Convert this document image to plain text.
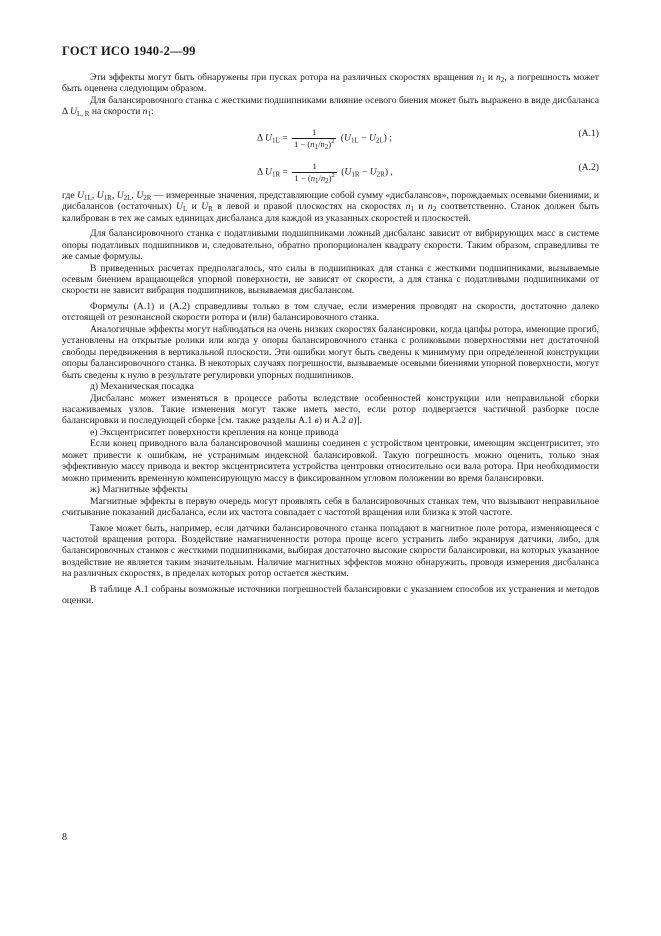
ГОСТ ИСО 1940-2—99

Эти эффекты могут быть обнаружены при пусках ротора на различных скоростях вращения $n_1$ и $n_2$, а погрешность может быть оценена следующим образом.

Для балансировочного станка с жесткими подшипниками влияние осевого биения может быть выражено в виде дисбаланса Δ $U_{L, R}$ на скорости $n_1$:

Δ $U_{1L} = \frac{1}{1 - (n_1/n_2)^2} (U_{1L} - U_{2L})$ ;	(А.1)
Δ $U_{1R} = \frac{1}{1 - (n_1/n_2)^2} (U_{1R} - U_{2R})$ ,	(А.2)

где $U_{1L}$, $U_{1R}$, $U_{2L}$, $U_{2R}$ — измеренные значения, представляющие собой сумму «дисбалансов», порождаемых осевыми биениями, и дисбалансов (остаточных) $U_L$ и $U_R$ в левой и правой плоскостях на скоростях $n_1$ и $n_2$ соответственно. Станок должен быть калиброван в тех же самых единицах дисбаланса для каждой из указанных скоростей и плоскостей.

Для балансировочного станка с податливыми подшипниками ложный дисбаланс зависит от вибрирующих масс в системе опоры податливых подшипников и, следовательно, обратно пропорционален квадрату скорости. Таким образом, справедливы те же самые формулы.

В приведенных расчетах предполагалось, что силы в подшипниках для станка с жесткими подшипниками, вызываемые осевым биением вращающейся упорной поверхности, не зависят от скорости, а для станка с податливыми подшипниками от скорости не зависит вибрация подшипников, вызываемая дисбалансом.

Формулы (А.1) и (А.2) справедливы только в том случае, если измерения проводят на скорости, достаточно далеко отстоящей от резонансной скорости ротора и (или) балансировочного станка.

Аналогичные эффекты могут наблюдаться на очень низких скоростях балансировки, когда цапфы ротора, имеющие прогиб, установлены на открытые ролики или когда у опоры балансировочного станка с роликовыми поверхностями нет достаточной свободы передвижения в вертикальной плоскости. Эти ошибки могут быть сведены к минимуму при определенной конструкции опоры балансировочного станка. В некоторых случаях погрешности, вызываемые осевыми биениями упорной поверхности, могут быть сведены к нулю в результате регулировки упорных подшипников.

д) Механическая посадка

Дисбаланс может изменяться в процессе работы вследствие особенностей конструкции или неправильной сборки насаживаемых узлов. Такие изменения могут также иметь место, если ротор подвергается частичной разборке после балансировки и последующей сборке [см. также разделы А.1 в) и А.2 а)].

е) Эксцентриситет поверхности крепления на конце привода

Если конец приводного вала балансировочной машины соединен с устройством центровки, имеющим эксцентриситет, это может привести к ошибкам, не устранимым индексной балансировкой. Такую погрешность можно оценить, только зная эффективную массу привода и вектор эксцентриситета устройства центровки относительно оси вала ротора. При необходимости можно применить временную компенсирующую массу в фиксированном угловом положении во время балансировки.

ж) Магнитные эффекты

Магнитные эффекты в первую очередь могут проявлять себя в балансировочных станках тем, что вызывают неправильное считывание показаний дисбаланса, если их частота совпадает с частотой вращения или близка к этой частоте.

Такое может быть, например, если датчики балансировочного станка попадают в магнитное поле ротора, изменяющееся с частотой вращения ротора. Воздействие намагниченности ротора проще всего устранить либо экранируя датчики, либо, для балансировочных станков с жесткими подшипниками, выбирая достаточно высокие скорости балансировки, на которых указанное воздействие не является таким значительным. Наличие магнитных эффектов можно обнаружить, проводя измерения дисбаланса на различных скоростях, в пределах которых ротор остается жестким.

В таблице А.1 собраны возможные источники погрешностей балансировки с указанием способов их устранения и методов оценки.

8
